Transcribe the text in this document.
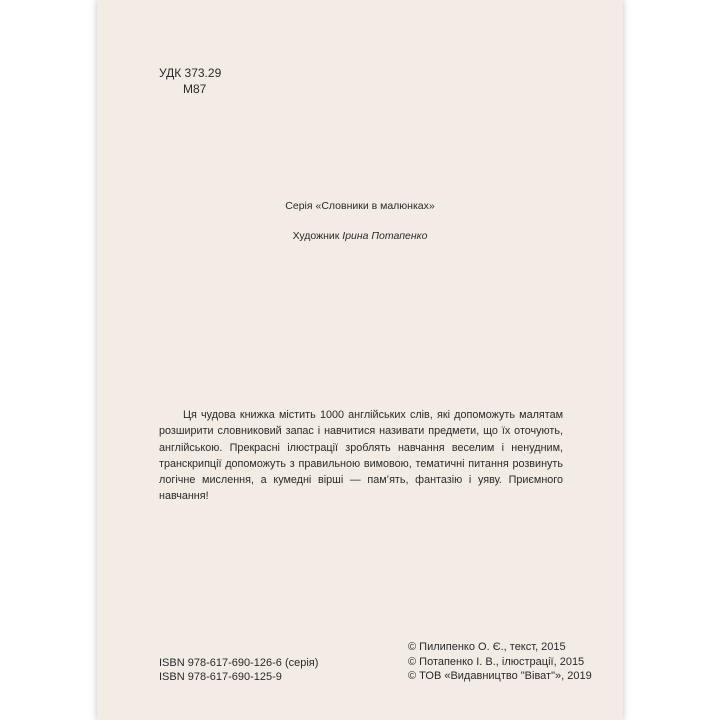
УДК 373.29
М87
Серія «Словники в малюнках»
Художник Ірина Потапенко

Ця чудова книжка містить 1000 англійських слів, які допоможуть малятам розширити словниковий запас і навчитися називати предмети, що їх оточують, англійською. Прекрасні ілюстрації зроблять навчання веселим і ненудним, транскрипції допоможуть з правильною вимовою, тематичні питання розвинуть логічне мислення, а кумедні вірші — пам’ять, фантазію і уяву. Приємного навчання!

ISBN 978-617-690-126-6 (серія)
ISBN 978-617-690-125-9
© Пилипенко О. Є., текст, 2015
© Потапенко І. В., ілюстрації, 2015
© ТОВ «Видавництво "Віват"», 2019
